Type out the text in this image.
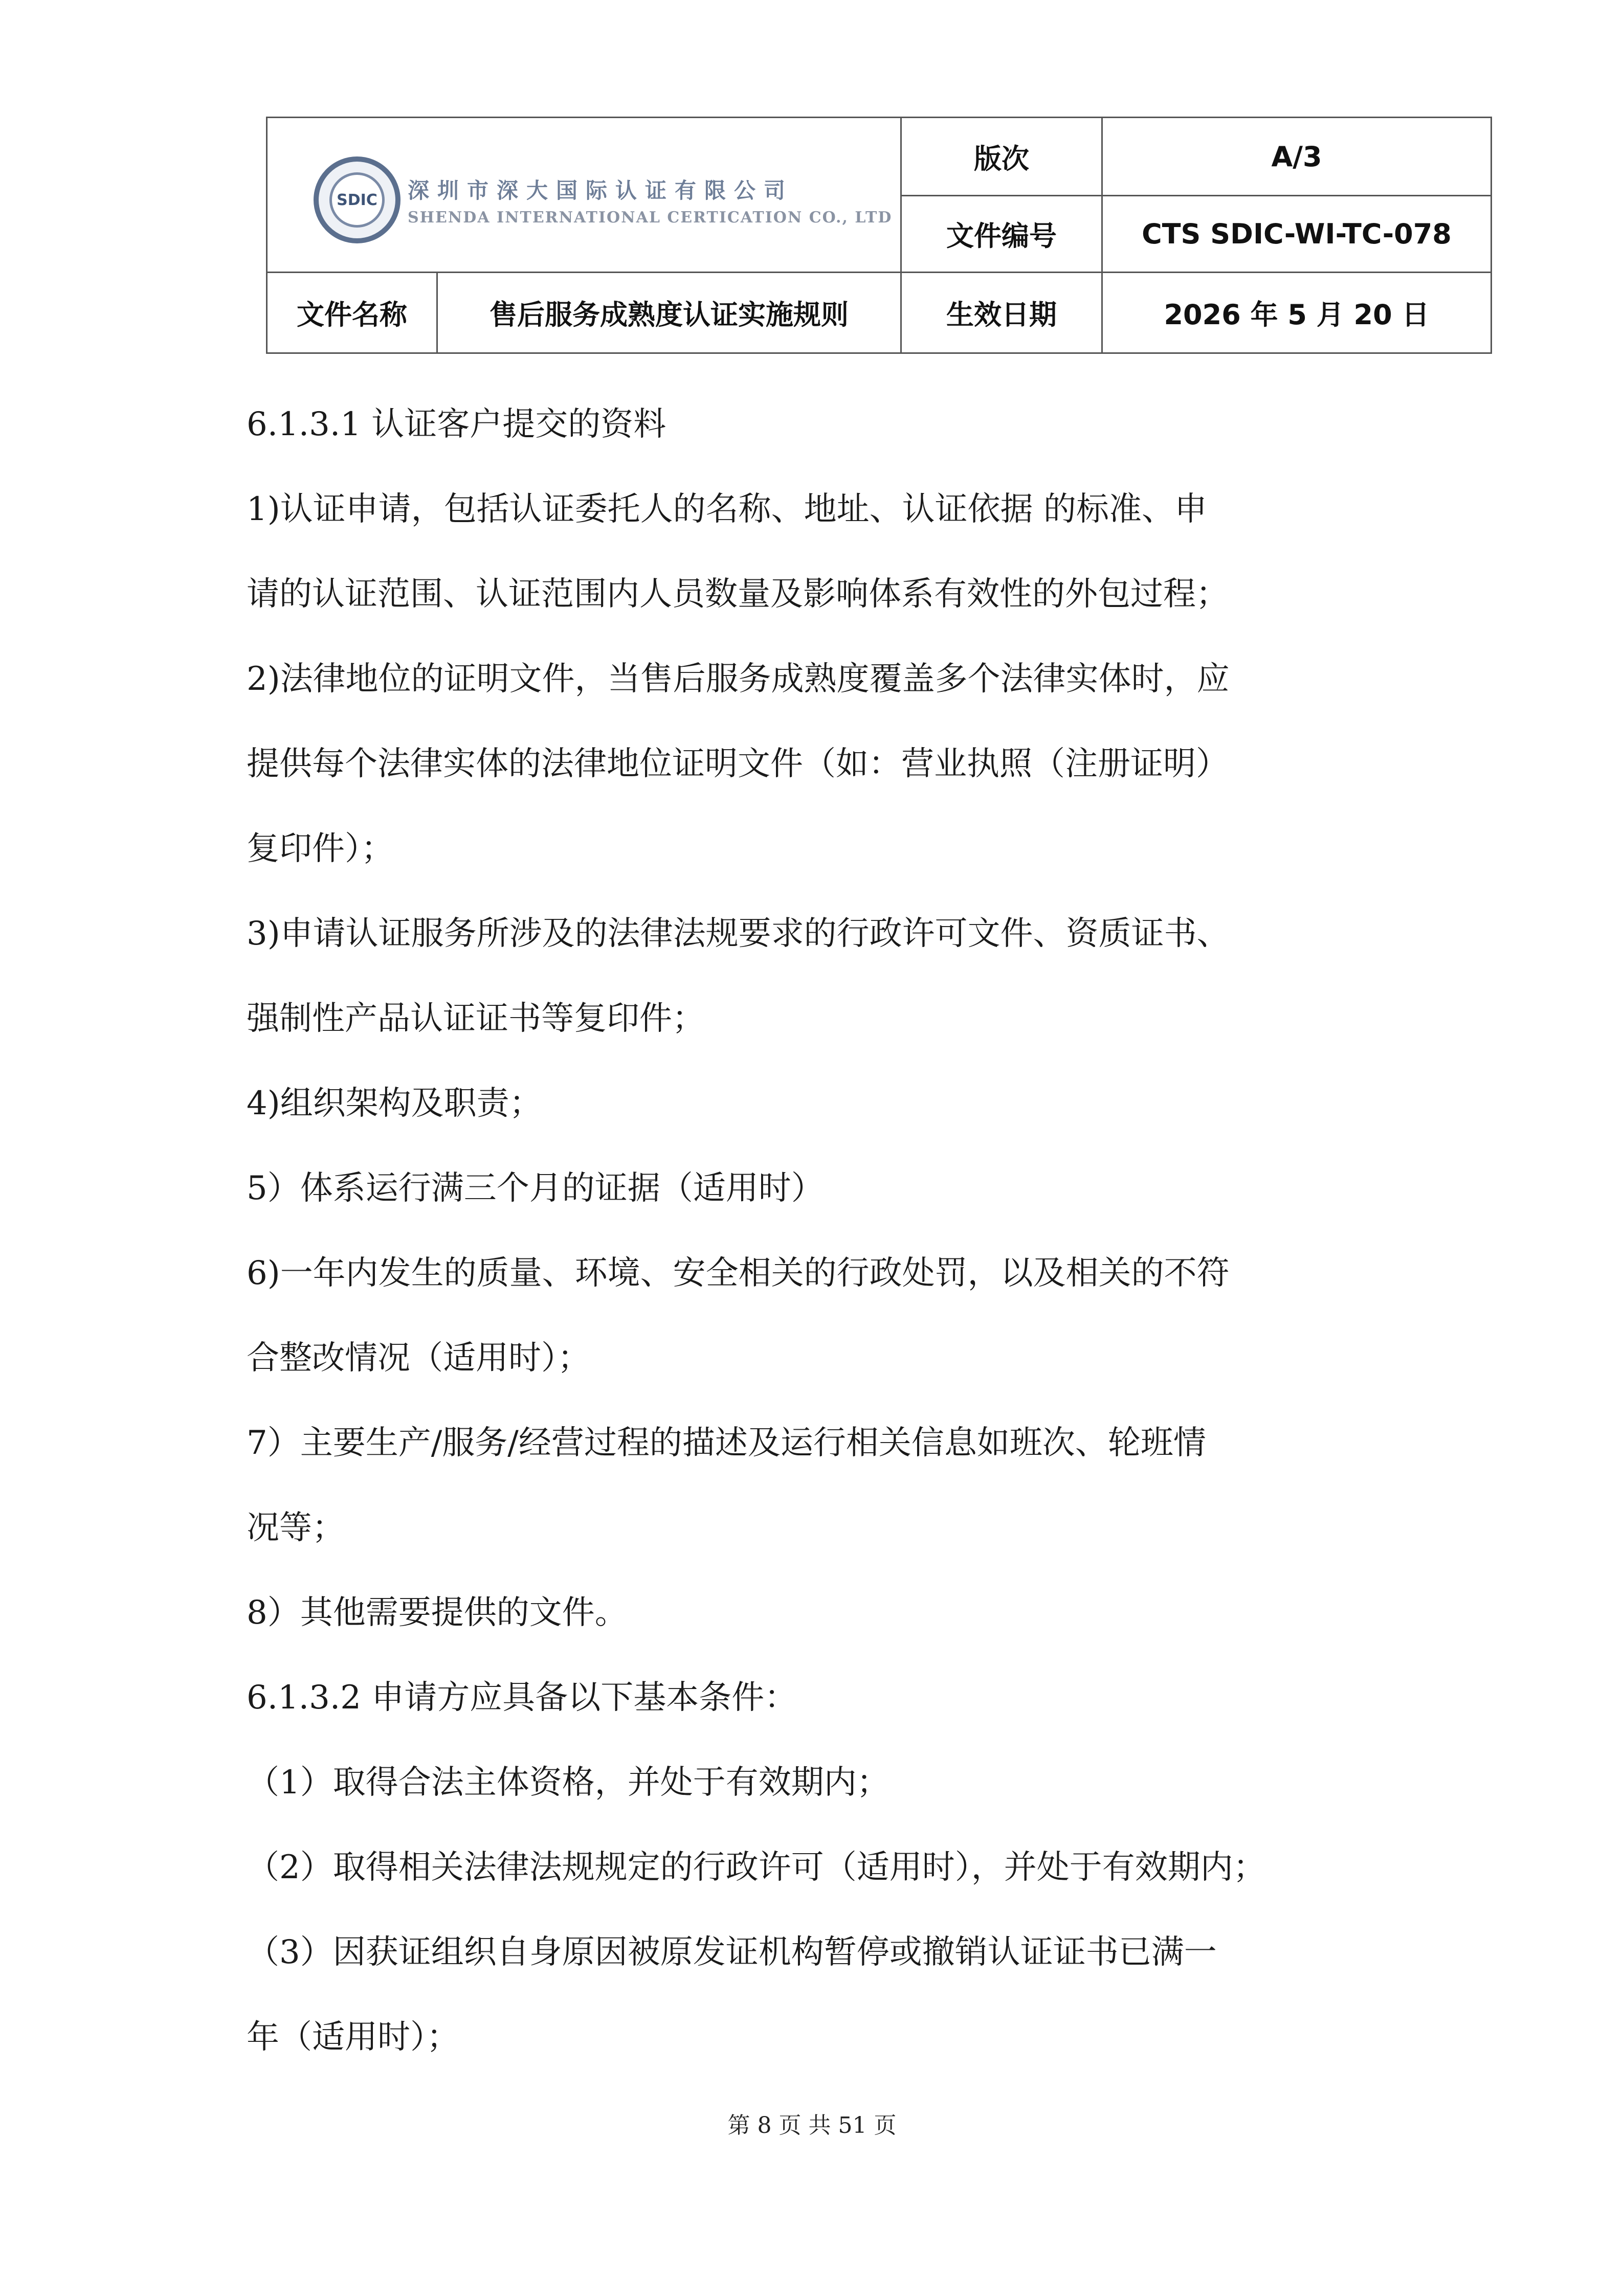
SDIC	深圳市深大国际认证有限公司
SHENDA INTERNATIONAL CERTICATION CO., LTD
版次	A/3
文件编号	CTS SDIC-WI-TC-078
文件名称	售后服务成熟度认证实施规则	生效日期	2026 年 5 月 20 日
6.1.3.1 认证客户提交的资料
1)认证申请，包括认证委托人的名称、地址、认证依据 的标准、申
请的认证范围、认证范围内人员数量及影响体系有效性的外包过程；
2)法律地位的证明文件，当售后服务成熟度覆盖多个法律实体时，应
提供每个法律实体的法律地位证明文件（如：营业执照（注册证明）
复印件）；
3)申请认证服务所涉及的法律法规要求的行政许可文件、资质证书、
强制性产品认证证书等复印件；
4)组织架构及职责；
5）体系运行满三个月的证据（适用时）
6)一年内发生的质量、环境、安全相关的行政处罚，以及相关的不符
合整改情况（适用时）；
7）主要生产/服务/经营过程的描述及运行相关信息如班次、轮班情
况等；
8）其他需要提供的文件。
6.1.3.2 申请方应具备以下基本条件：
（1）取得合法主体资格，并处于有效期内；
（2）取得相关法律法规规定的行政许可（适用时），并处于有效期内；
（3）因获证组织自身原因被原发证机构暂停或撤销认证证书已满一
年（适用时）；
第 8 页 共 51 页
